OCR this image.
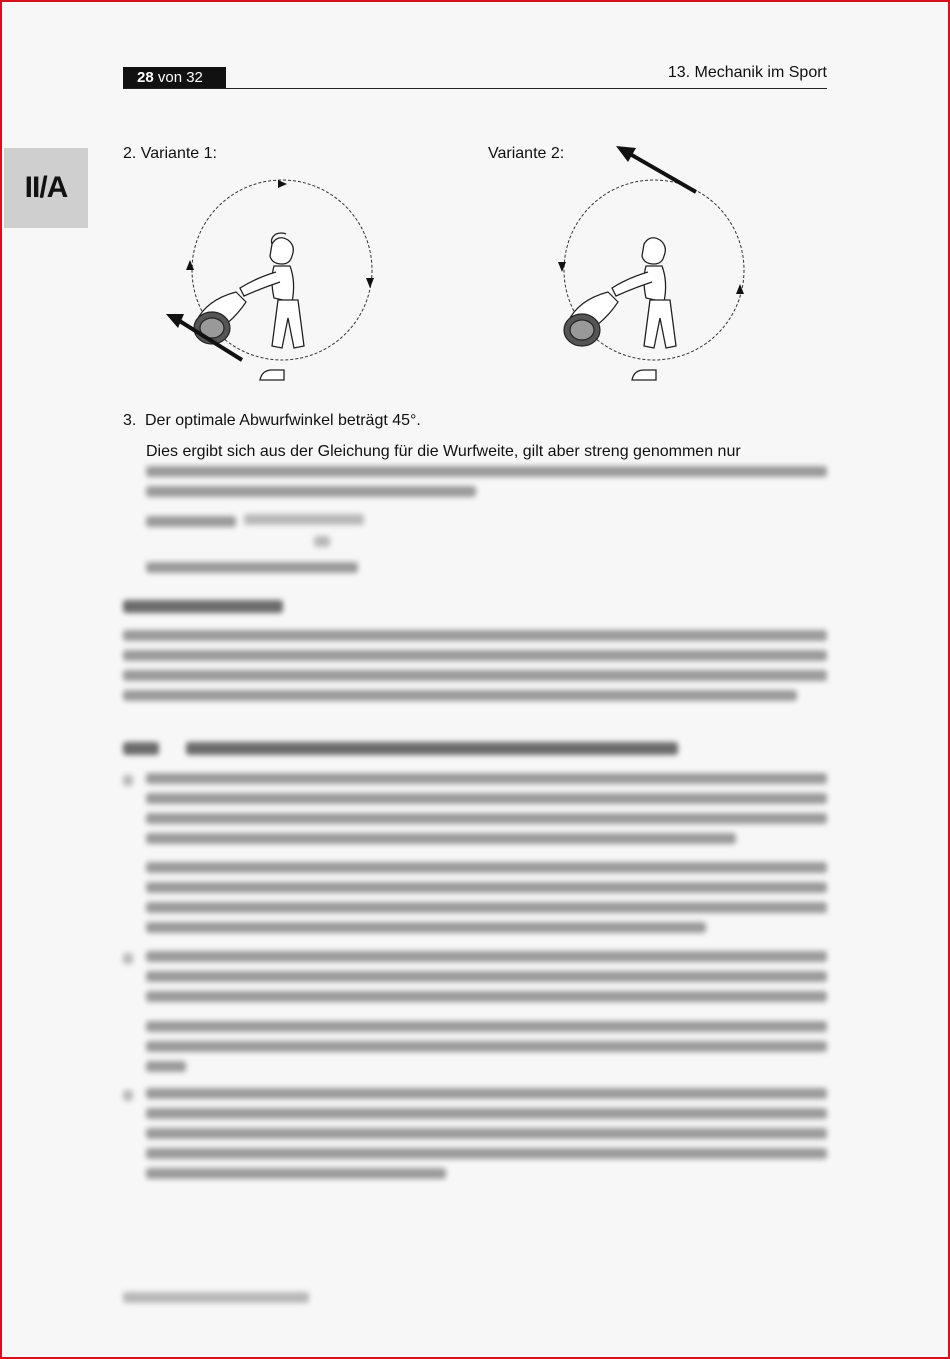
28 von 32	13. Mechanik im Sport
II/A
2. Variante 1:	Variante 2:
3. Der optimale Abwurfwinkel beträgt 45°.
Dies ergibt sich aus der Gleichung für die Wurfweite, gilt aber streng genommen nur
